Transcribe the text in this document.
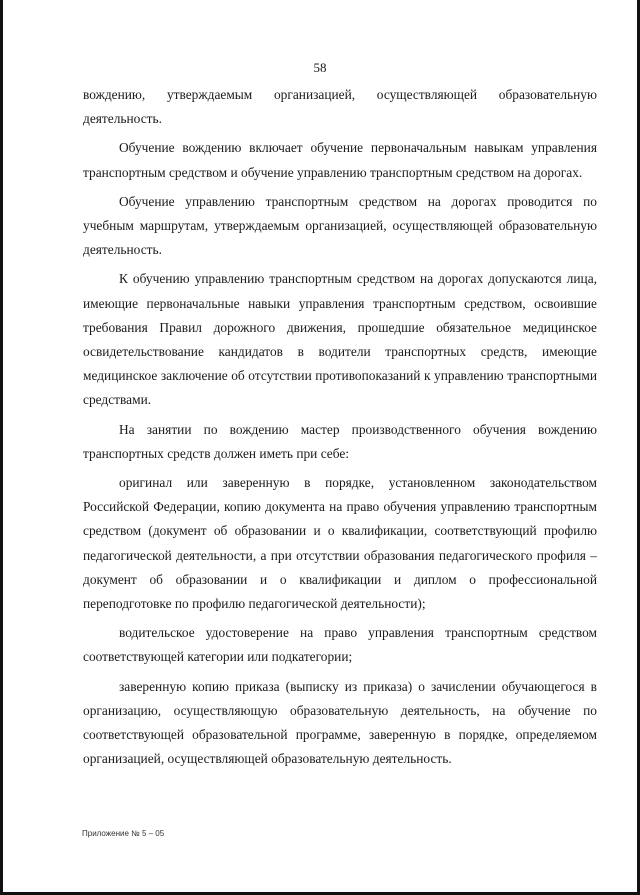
58

вождению, утверждаемым организацией, осуществляющей образовательную деятельность.

Обучение вождению включает обучение первоначальным навыкам управления транспортным средством и обучение управлению транспортным средством на дорогах.

Обучение управлению транспортным средством на дорогах проводится по учебным маршрутам, утверждаемым организацией, осуществляющей образовательную деятельность.

К обучению управлению транспортным средством на дорогах допускаются лица, имеющие первоначальные навыки управления транспортным средством, освоившие требования Правил дорожного движения, прошедшие обязательное медицинское освидетельствование кандидатов в водители транспортных средств, имеющие медицинское заключение об отсутствии противопоказаний к управлению транспортными средствами.

На занятии по вождению мастер производственного обучения вождению транспортных средств должен иметь при себе:

оригинал или заверенную в порядке, установленном законодательством Российской Федерации, копию документа на право обучения управлению транспортным средством (документ об образовании и о квалификации, соответствующий профилю педагогической деятельности, а при отсутствии образования педагогического профиля – документ об образовании и о квалификации и диплом о профессиональной переподготовке по профилю педагогической деятельности);

водительское удостоверение на право управления транспортным средством соответствующей категории или подкатегории;

заверенную копию приказа (выписку из приказа) о зачислении обучающегося в организацию, осуществляющую образовательную деятельность, на обучение по соответствующей образовательной программе, заверенную в порядке, определяемом организацией, осуществляющей образовательную деятельность.

Приложение № 5 – 05
